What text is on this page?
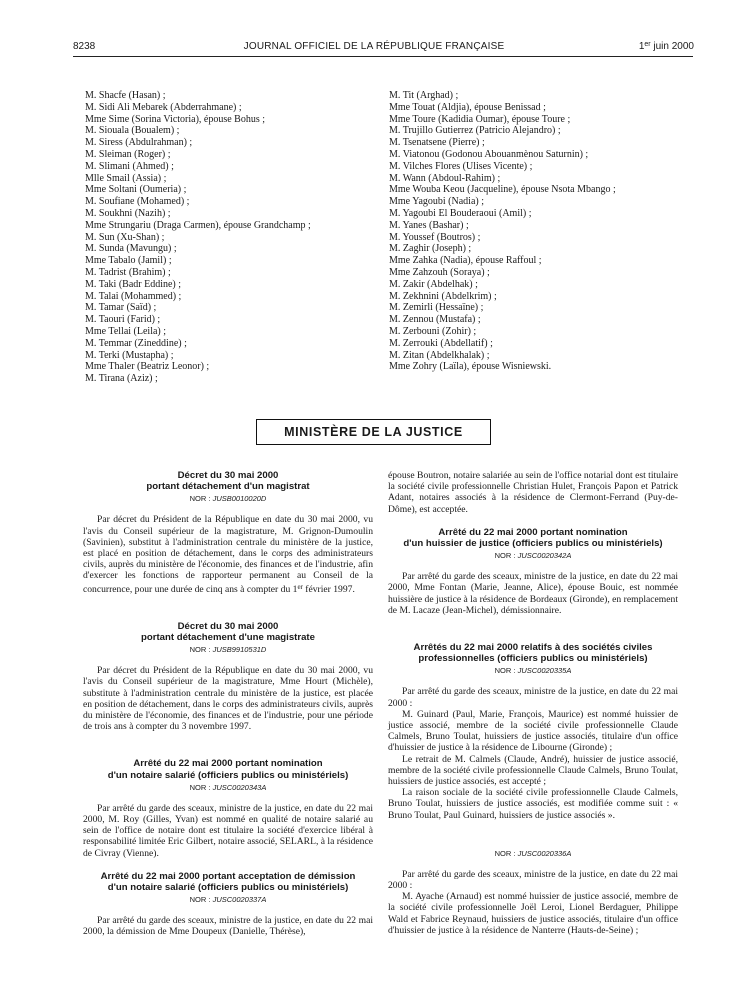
8238	JOURNAL OFFICIEL DE LA RÉPUBLIQUE FRANÇAISE	1er juin 2000
M. Shacfe (Hasan) ;
M. Sidi Ali Mebarek (Abderrahmane) ;
Mme Sime (Sorina Victoria), épouse Bohus ;
M. Siouala (Boualem) ;
M. Siress (Abdulrahman) ;
M. Sleiman (Roger) ;
M. Slimani (Ahmed) ;
Mlle Smail (Assia) ;
Mme Soltani (Oumeria) ;
M. Soufiane (Mohamed) ;
M. Soukhni (Nazih) ;
Mme Strungariu (Draga Carmen), épouse Grandchamp ;
M. Sun (Xu-Shan) ;
M. Sunda (Mavungu) ;
Mme Tabalo (Jamil) ;
M. Tadrist (Brahim) ;
M. Taki (Badr Eddine) ;
M. Talai (Mohammed) ;
M. Tamar (Saïd) ;
M. Taouri (Farid) ;
Mme Tellai (Leila) ;
M. Temmar (Zineddine) ;
M. Terki (Mustapha) ;
Mme Thaler (Beatriz Leonor) ;
M. Tirana (Aziz) ;
M. Tit (Arghad) ;
Mme Touat (Aldjia), épouse Benissad ;
Mme Toure (Kadidia Oumar), épouse Toure ;
M. Trujillo Gutierrez (Patricio Alejandro) ;
M. Tsenatsene (Pierre) ;
M. Viatonou (Godonou Abouanmènou Saturnin) ;
M. Vilches Flores (Ulises Vicente) ;
M. Wann (Abdoul-Rahim) ;
Mme Wouba Keou (Jacqueline), épouse Nsota Mbango ;
Mme Yagoubi (Nadia) ;
M. Yagoubi El Bouderaoui (Amil) ;
M. Yanes (Bashar) ;
M. Youssef (Boutros) ;
M. Zaghir (Joseph) ;
Mme Zahka (Nadia), épouse Raffoul ;
Mme Zahzouh (Soraya) ;
M. Zakir (Abdelhak) ;
M. Zekhnini (Abdelkrim) ;
M. Zemirli (Hessaïne) ;
M. Zennou (Mustafa) ;
M. Zerbouni (Zohir) ;
M. Zerrouki (Abdellatif) ;
M. Zitan (Abdelkhalak) ;
Mme Zohry (Laïla), épouse Wisniewski.
MINISTÈRE DE LA JUSTICE
Décret du 30 mai 2000
portant détachement d'un magistrat
NOR : JUSB0010020D

Par décret du Président de la République en date du 30 mai 2000, vu l'avis du Conseil supérieur de la magistrature, M. Grignon-Dumoulin (Savinien), substitut à l'administration centrale du ministère de la justice, est placé en position de détachement, dans le corps des administrateurs civils, auprès du ministère de l'économie, des finances et de l'industrie, afin d'exercer les fonctions de rapporteur permanent au Conseil de la concurrence, pour une durée de cinq ans à compter du 1er février 1997.

Décret du 30 mai 2000
portant détachement d'une magistrate
NOR : JUSB9910531D

Par décret du Président de la République en date du 30 mai 2000, vu l'avis du Conseil supérieur de la magistrature, Mme Hourt (Michèle), substitute à l'administration centrale du ministère de la justice, est placée en position de détachement, dans le corps des administrateurs civils, auprès du ministère de l'économie, des finances et de l'industrie, pour une période de trois ans à compter du 3 novembre 1997.

Arrêté du 22 mai 2000 portant nomination
d'un notaire salarié (officiers publics ou ministériels)
NOR : JUSC0020343A

Par arrêté du garde des sceaux, ministre de la justice, en date du 22 mai 2000, M. Roy (Gilles, Yvan) est nommé en qualité de notaire salarié au sein de l'office de notaire dont est titulaire la société d'exercice libéral à responsabilité limitée Eric Gilbert, notaire associé, SELARL, à la résidence de Civray (Vienne).

Arrêté du 22 mai 2000 portant acceptation de démission
d'un notaire salarié (officiers publics ou ministériels)
NOR : JUSC0020337A

Par arrêté du garde des sceaux, ministre de la justice, en date du 22 mai 2000, la démission de Mme Doupeux (Danielle, Thérèse),

épouse Boutron, notaire salariée au sein de l'office notarial dont est titulaire la société civile professionnelle Christian Hulet, François Papon et Patrick Adant, notaires associés à la résidence de Clermont-Ferrand (Puy-de-Dôme), est acceptée.

Arrêté du 22 mai 2000 portant nomination
d'un huissier de justice (officiers publics ou ministériels)
NOR : JUSC0020342A

Par arrêté du garde des sceaux, ministre de la justice, en date du 22 mai 2000, Mme Fontan (Marie, Jeanne, Alice), épouse Bouic, est nommée huissière de justice à la résidence de Bordeaux (Gironde), en remplacement de M. Lacaze (Jean-Michel), démissionnaire.

Arrêtés du 22 mai 2000 relatifs à des sociétés civiles
professionnelles (officiers publics ou ministériels)
NOR : JUSC0020335A

Par arrêté du garde des sceaux, ministre de la justice, en date du 22 mai 2000 :

M. Guinard (Paul, Marie, François, Maurice) est nommé huissier de justice associé, membre de la société civile professionnelle Claude Calmels, Bruno Toulat, huissiers de justice associés, titulaire d'un office d'huissier de justice à la résidence de Libourne (Gironde) ;

Le retrait de M. Calmels (Claude, André), huissier de justice associé, membre de la société civile professionnelle Claude Calmels, Bruno Toulat, huissiers de justice associés, est accepté ;

La raison sociale de la société civile professionnelle Claude Calmels, Bruno Toulat, huissiers de justice associés, est modifiée comme suit : « Bruno Toulat, Paul Guinard, huissiers de justice associés ».

NOR : JUSC0020336A

Par arrêté du garde des sceaux, ministre de la justice, en date du 22 mai 2000 :

M. Ayache (Arnaud) est nommé huissier de justice associé, membre de la société civile professionnelle Joël Leroi, Lionel Berdaguer, Philippe Wald et Fabrice Reynaud, huissiers de justice associés, titulaire d'un office d'huissier de justice à la résidence de Nanterre (Hauts-de-Seine) ;
